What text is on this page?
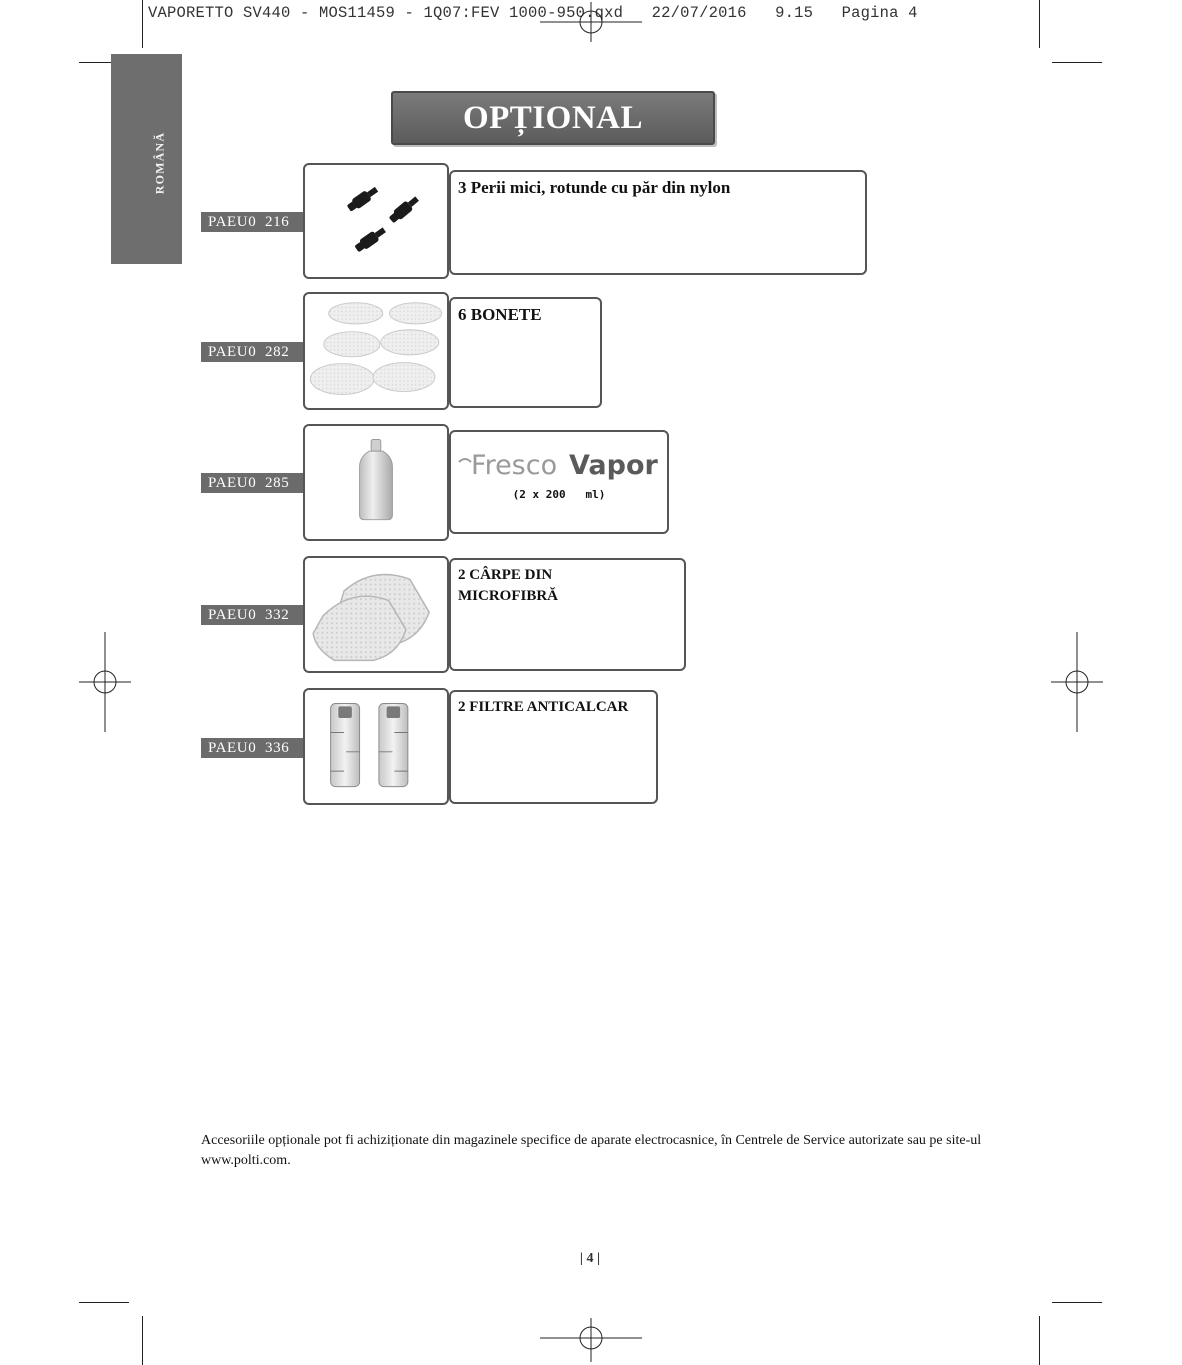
VAPORETTO SV440 - MOS11459 - 1Q07:FEV 1000-950.qxd   22/07/2016   9.15   Pagina 4
ROMÂNĂ
OPȚIONAL
PAEU0  216
3 Perii mici, rotunde cu păr din nylon
PAEU0  282
6 BONETE
PAEU0  285
Fresco Vapor
(2 x 200   ml)
PAEU0  332
2 CÂRPE DIN
MICROFIBRĂ
PAEU0  336
2 FILTRE ANTICALCAR
Accesoriile opționale pot fi achiziționate din magazinele specifice de aparate electrocasnice, în Centrele de Service autorizate sau pe site-ul www.polti.com.
| 4 |
